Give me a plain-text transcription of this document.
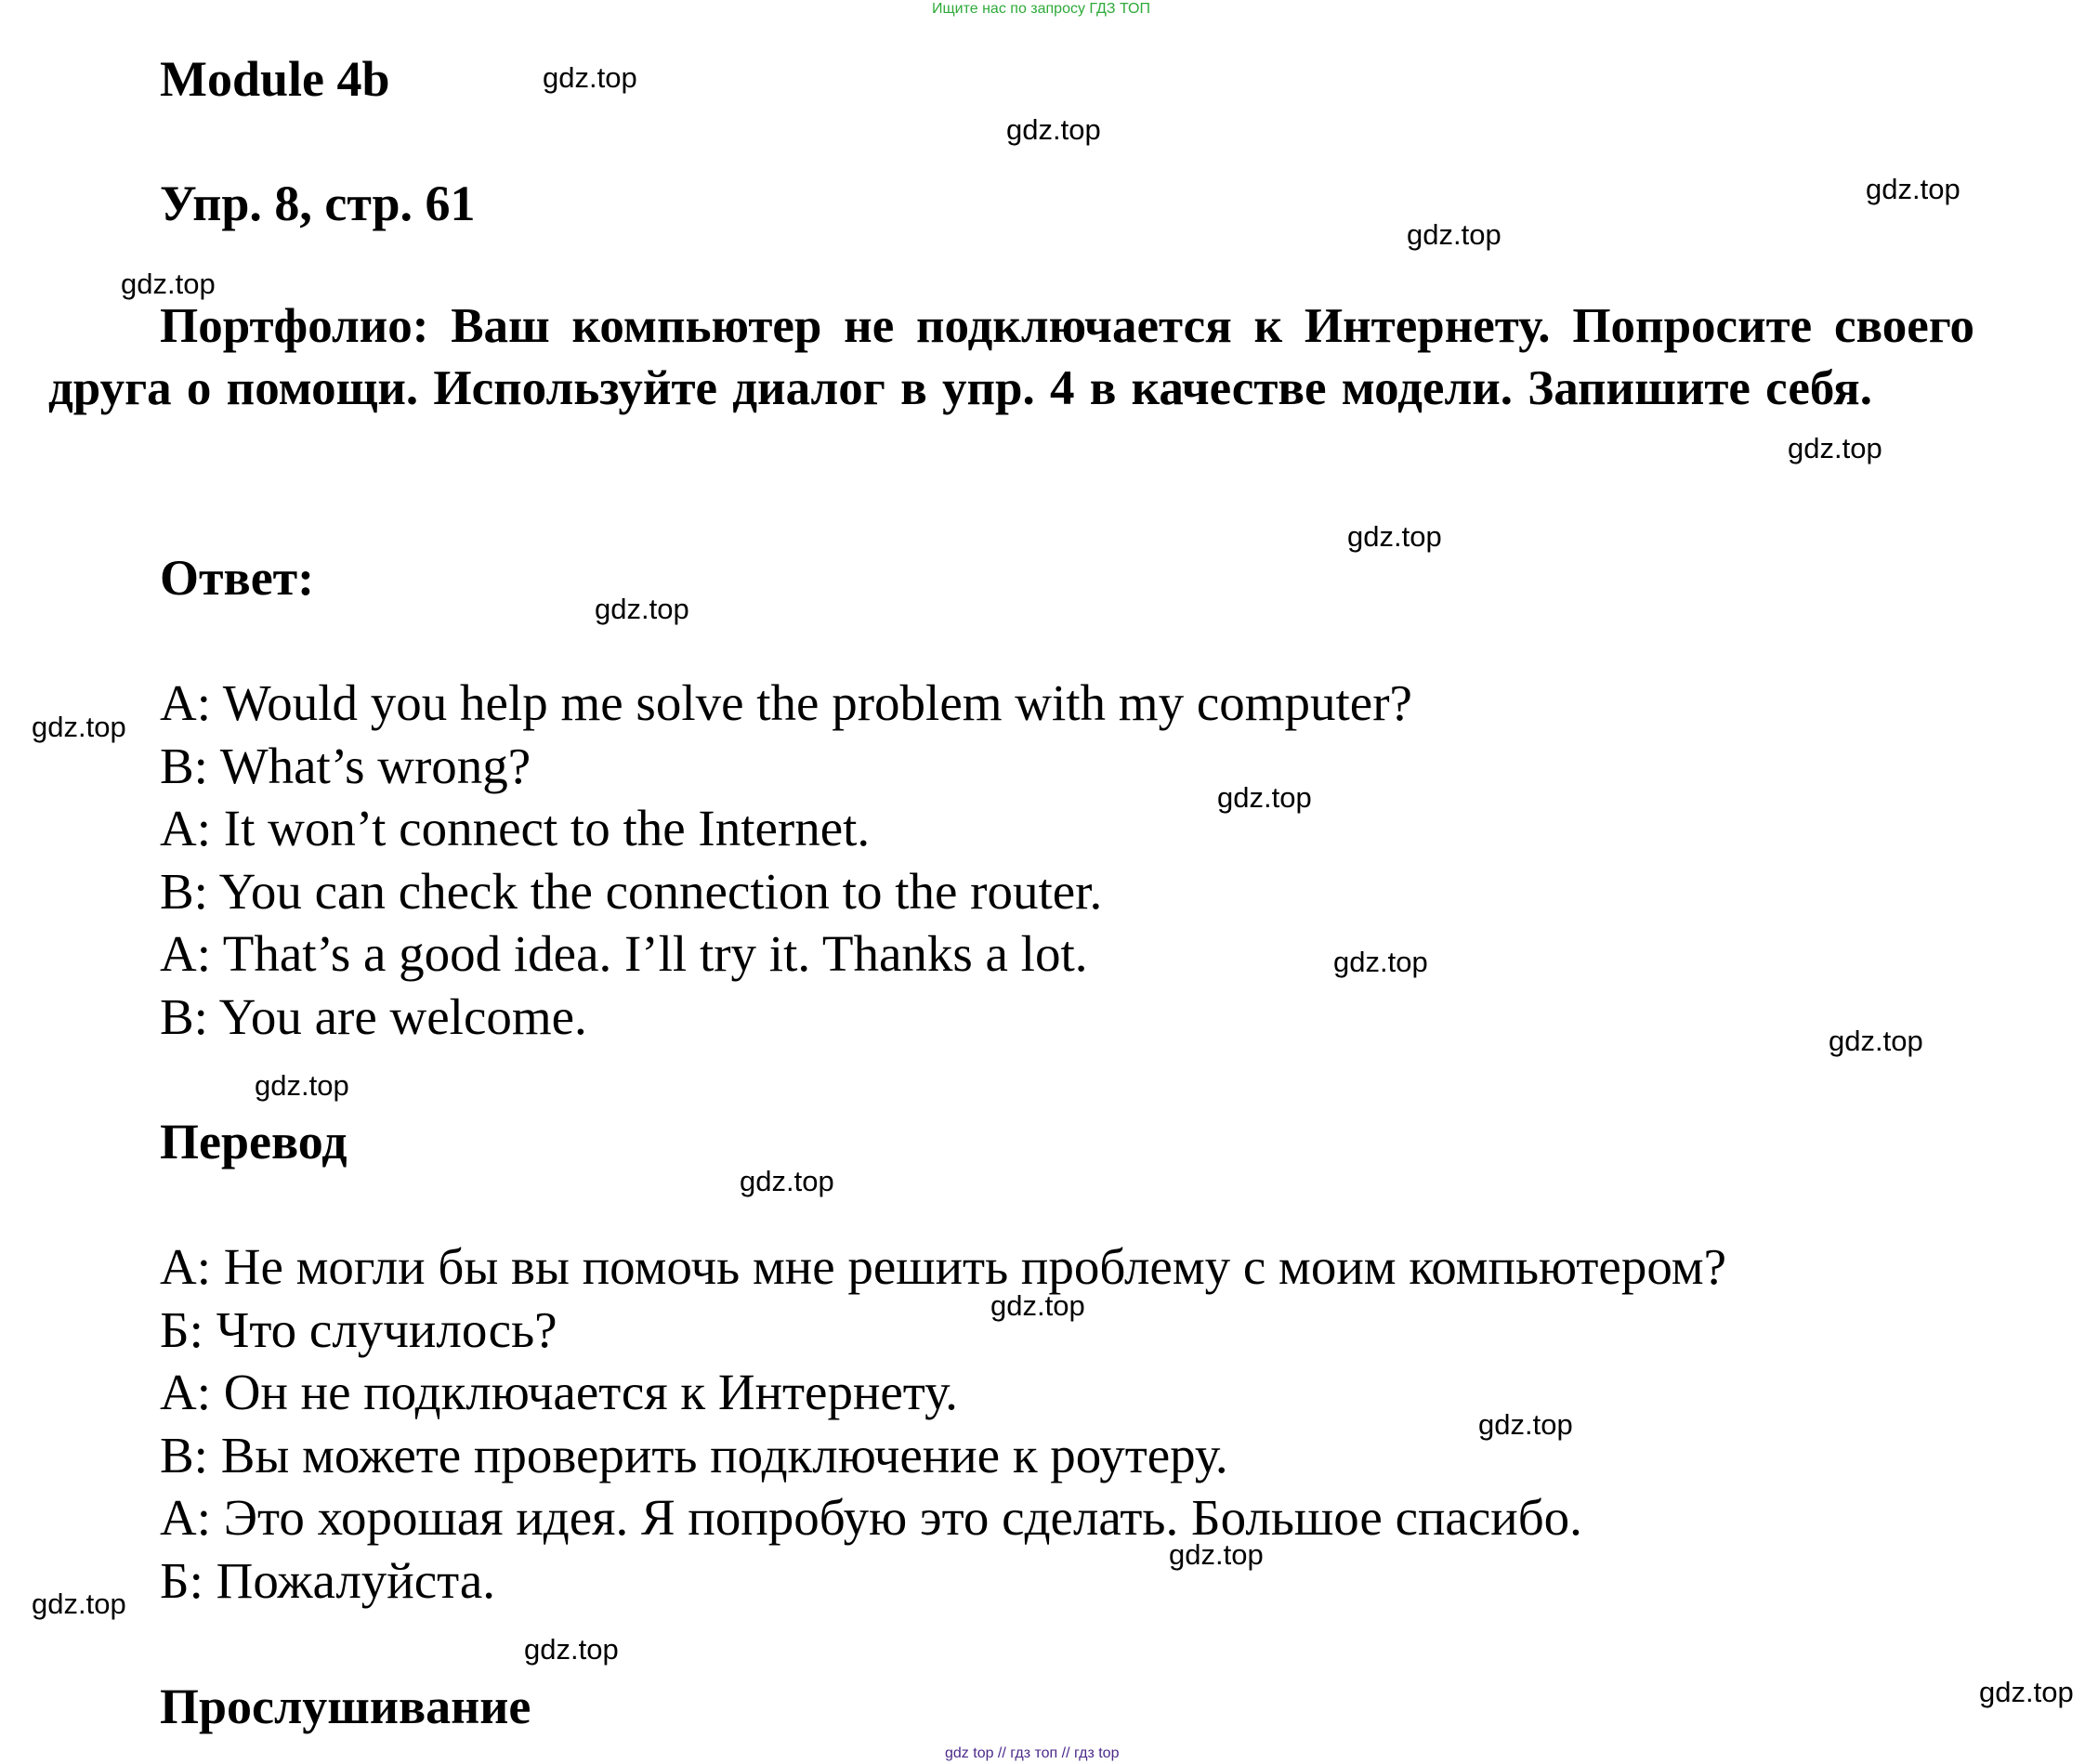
Ищите нас по запросу ГДЗ ТОП
Module 4b
Упр. 8, стр. 61
Портфолио: Ваш компьютер не подключается к Интернету. Попросите своего друга о помощи. Используйте диалог в упр. 4 в качестве модели. Запишите себя.
Ответ:
A: Would you help me solve the problem with my computer?
B: What’s wrong?
A: It won’t connect to the Internet.
B: You can check the connection to the router.
A: That’s a good idea. I’ll try it. Thanks a lot.
B: You are welcome.
Перевод
А: Не могли бы вы помочь мне решить проблему с моим компьютером?
Б: Что случилось?
А: Он не подключается к Интернету.
В: Вы можете проверить подключение к роутеру.
А: Это хорошая идея. Я попробую это сделать. Большое спасибо.
Б: Пожалуйста.
Прослушивание
gdz.top
gdz.top
gdz.top
gdz.top
gdz.top
gdz.top
gdz.top
gdz.top
gdz.top
gdz.top
gdz.top
gdz.top
gdz.top
gdz.top
gdz.top
gdz.top
gdz.top
gdz.top
gdz.top
gdz.top
gdz top // гдз топ // гдз top
